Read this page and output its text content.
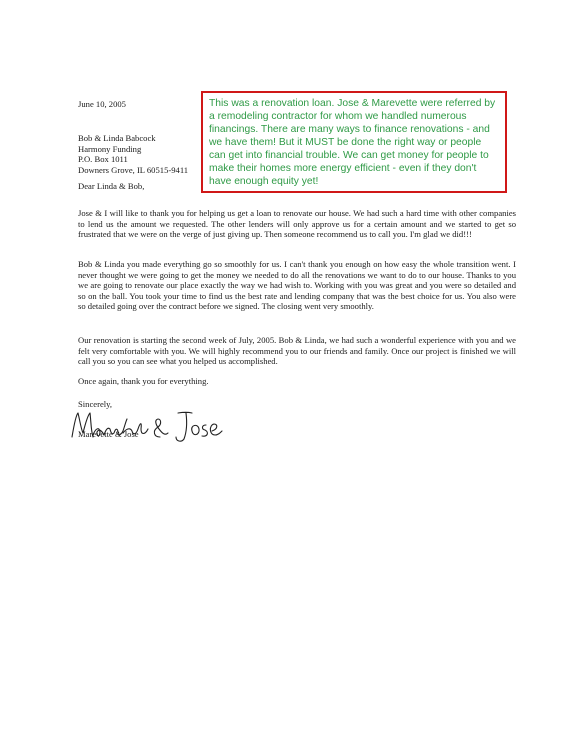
June 10, 2005
Bob & Linda Babcock
Harmony Funding
P.O. Box 1011
Downers Grove, IL 60515-9411
Dear Linda & Bob,
Jose & I will like to thank you for helping us get a loan to renovate our house. We had such a hard time with other companies to lend us the amount we requested. The other lenders will only approve us for a certain amount and we started to get so frustrated that we were on the verge of just giving up. Then someone recommend us to call you. I'm glad we did!!!
Bob & Linda you made everything go so smoothly for us. I can't thank you enough on how easy the whole transition went. I never thought we were going to get the money we needed to do all the renovations we want to do to our house. Thanks to you we are going to renovate our place exactly the way we had wish to. Working with you was great and you were so detailed and so on the ball. You took your time to find us the best rate and lending company that was the best choice for us. You also were so detailed going over the contract before we signed. The closing went very smoothly.
Our renovation is starting the second week of July, 2005. Bob & Linda, we had such a wonderful experience with you and we felt very comfortable with you. We will highly recommend you to our friends and family. Once our project is finished we will call you so you can see what you helped us accomplished.
Once again, thank you for everything.
Sincerely,
Marevette & Jose
This was a renovation loan. Jose & Marevette were referred by a remodeling contractor for whom we handled numerous financings. There are many ways to finance renovations - and we have them! But it MUST be done the right way or people can get into financial trouble. We can get money for people to make their homes more energy efficient - even if they don't have enough equity yet!
